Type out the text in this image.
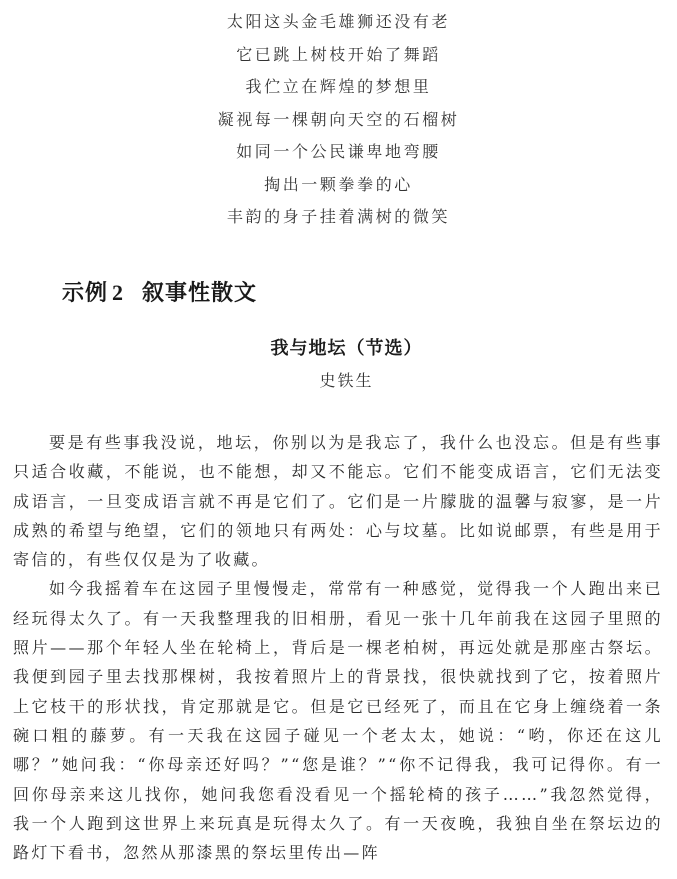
太阳这头金毛雄狮还没有老
它已跳上树枝开始了舞蹈
我伫立在辉煌的梦想里
凝视每一棵朝向天空的石榴树
如同一个公民谦卑地弯腰
掏出一颗拳拳的心
丰韵的身子挂着满树的微笑
示例 2 叙事性散文
我与地坛（节选）
史铁生

要是有些事我没说，地坛，你别以为是我忘了，我什么也没忘。但是有些事只适合收藏，不能说，也不能想，却又不能忘。它们不能变成语言，它们无法变成语言，一旦变成语言就不再是它们了。它们是一片朦胧的温馨与寂寥，是一片成熟的希望与绝望，它们的领地只有两处：心与坟墓。比如说邮票，有些是用于寄信的，有些仅仅是为了收藏。

如今我摇着车在这园子里慢慢走，常常有一种感觉，觉得我一个人跑出来已经玩得太久了。有一天我整理我的旧相册，看见一张十几年前我在这园子里照的照片——那个年轻人坐在轮椅上，背后是一棵老柏树，再远处就是那座古祭坛。我便到园子里去找那棵树，我按着照片上的背景找，很快就找到了它，按着照片上它枝干的形状找，肯定那就是它。但是它已经死了，而且在它身上缠绕着一条碗口粗的藤萝。有一天我在这园子碰见一个老太太，她说：“哟，你还在这儿哪？”她问我：“你母亲还好吗？”“您是谁？”“你不记得我，我可记得你。有一回你母亲来这儿找你，她问我您看没看见一个摇轮椅的孩子……”我忽然觉得，我一个人跑到这世界上来玩真是玩得太久了。有一天夜晚，我独自坐在祭坛边的路灯下看书，忽然从那漆黑的祭坛里传出—阵
